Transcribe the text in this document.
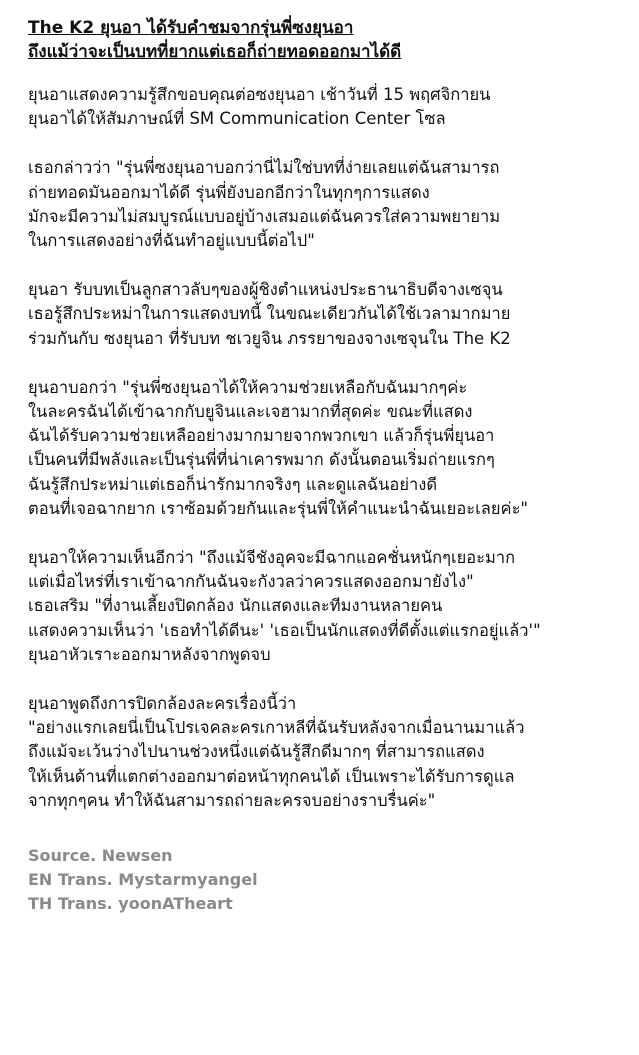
The K2 ยุนอา ได้รับคำชมจากรุ่นพี่ซงยุนอา
ถึงแม้ว่าจะเป็นบทที่ยากแต่เธอก็ถ่ายทอดออกมาได้ดี
ยุนอาแสดงความรู้สึกขอบคุณต่อซงยุนอา เช้าวันที่ 15 พฤศจิกายน
ยุนอาได้ให้สัมภาษณ์ที่ SM Communication Center โซล
เธอกล่าวว่า "รุ่นพี่ซงยุนอาบอกว่านี่ไม่ใช่บทที่ง่ายเลยแต่ฉันสามารถ
ถ่ายทอดมันออกมาได้ดี รุ่นพี่ยังบอกอีกว่าในทุกๆการแสดง
มักจะมีความไม่สมบูรณ์แบบอยู่บ้างเสมอแต่ฉันควรใส่ความพยายาม
ในการแสดงอย่างที่ฉันทำอยู่แบบนี้ต่อไป"
ยุนอา รับบทเป็นลูกสาวลับๆของผู้ชิงตำแหน่งประธานาธิบดีจางเซจุน
เธอรู้สึกประหม่าในการแสดงบทนี้ ในขณะเดียวกันได้ใช้เวลามากมาย
ร่วมกันกับ ซงยุนอา ที่รับบท ชเวยูจิน ภรรยาของจางเซจุนใน The K2
ยุนอาบอกว่า "รุ่นพี่ซงยุนอาได้ให้ความช่วยเหลือกับฉันมากๆค่ะ
ในละครฉันได้เข้าฉากกับยูจินและเจฮามากที่สุดค่ะ ขณะที่แสดง
ฉันได้รับความช่วยเหลืออย่างมากมายจากพวกเขา แล้วก็รุ่นพี่ยุนอา
เป็นคนที่มีพลังและเป็นรุ่นพี่ที่น่าเคารพมาก ดังนั้นตอนเริ่มถ่ายแรกๆ
ฉันรู้สึกประหม่าแต่เธอก็น่ารักมากจริงๆ และดูแลฉันอย่างดี
ตอนที่เจอฉากยาก เราซ้อมด้วยกันและรุ่นพี่ให้คำแนะนำฉันเยอะเลยค่ะ"
ยุนอาให้ความเห็นอีกว่า "ถึงแม้จีชังอุคจะมีฉากแอคชั่นหนักๆเยอะมาก
แต่เมื่อไหร่ที่เราเข้าฉากกันฉันจะกังวลว่าควรแสดงออกมายังไง"
เธอเสริม "ที่งานเลี้ยงปิดกล้อง นักแสดงและทีมงานหลายคน
แสดงความเห็นว่า 'เธอทำได้ดีนะ' 'เธอเป็นนักแสดงที่ดีตั้งแต่แรกอยู่แล้ว'"
ยุนอาหัวเราะออกมาหลังจากพูดจบ
ยุนอาพูดถึงการปิดกล้องละครเรื่องนี้ว่า
"อย่างแรกเลยนี่เป็นโปรเจคละครเกาหลีที่ฉันรับหลังจากเมื่อนานมาแล้ว
ถึงแม้จะเว้นว่างไปนานช่วงหนึ่งแต่ฉันรู้สึกดีมากๆ ที่สามารถแสดง
ให้เห็นด้านที่แตกต่างออกมาต่อหน้าทุกคนได้ เป็นเพราะได้รับการดูแล
จากทุกๆคน ทำให้ฉันสามารถถ่ายละครจบอย่างราบรื่นค่ะ"
Source. Newsen
EN Trans. Mystarmyangel
TH Trans. yoonATheart
